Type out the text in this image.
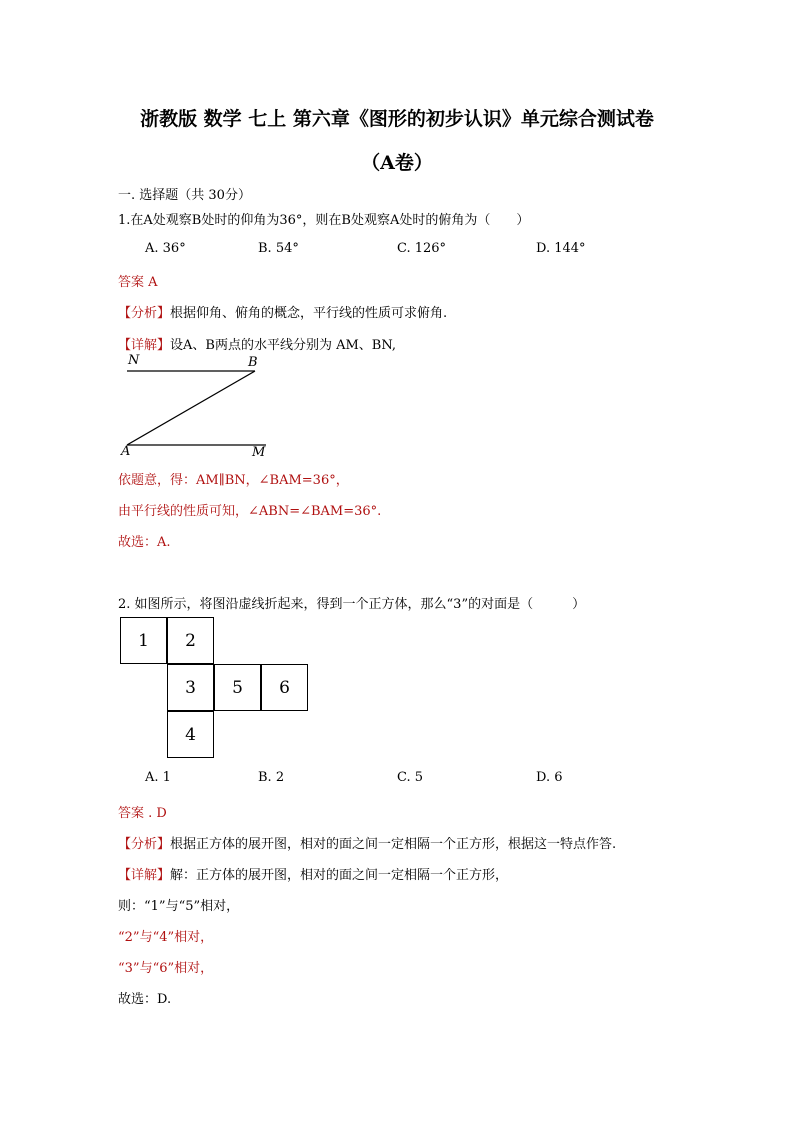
浙教版 数学 七上 第六章《图形的初步认识》单元综合测试卷
（A卷）
一. 选择题（共 30分）
1.在A处观察B处时的仰角为36°，则在B处观察A处时的俯角为（　　）
A. 36°	B. 54°	C. 126°	D. 144°
答案 A
【分析】根据仰角、俯角的概念，平行线的性质可求俯角.
【详解】设A、B两点的水平线分别为 AM、BN,
N	B
A	M
依题意，得：AM∥BN，∠BAM=36°，
由平行线的性质可知，∠ABN=∠BAM=36°.
故选：A.
2. 如图所示，将图沿虚线折起来，得到一个正方体，那么“3”的对面是（　　　）
1	2
3	5	6
4
A. 1	B. 2	C. 5	D. 6
答案 . D
【分析】根据正方体的展开图，相对的面之间一定相隔一个正方形，根据这一特点作答.
【详解】解：正方体的展开图，相对的面之间一定相隔一个正方形，
则：“1”与“5”相对，
“2”与“4”相对，
“3”与“6”相对，
故选：D.
